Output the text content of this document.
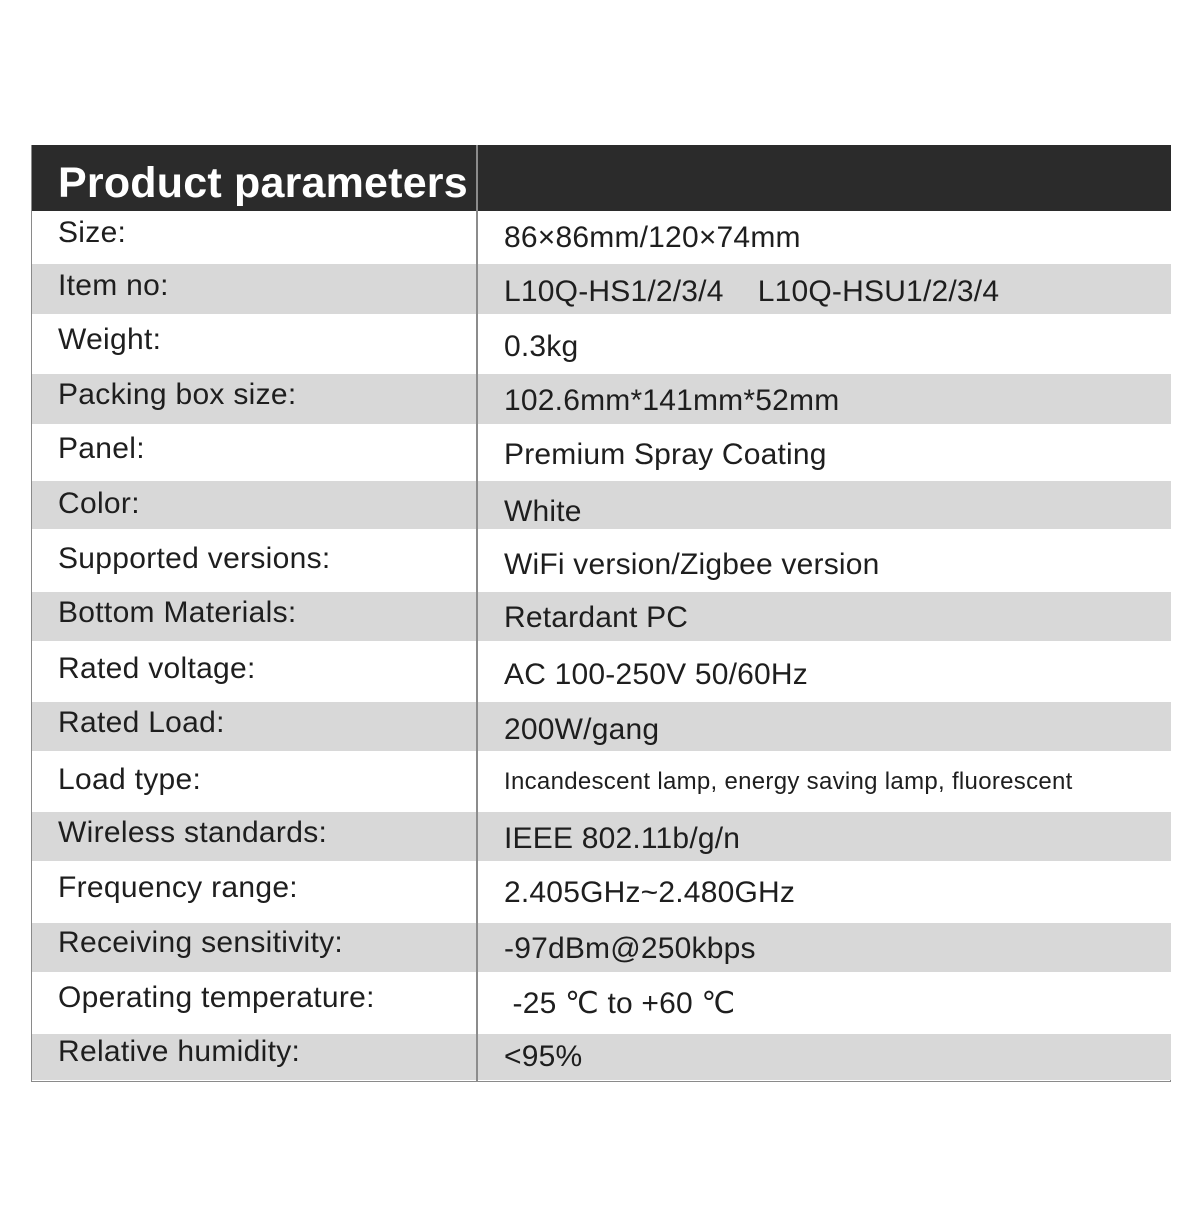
Product parameters
Size:	86×86mm/120×74mm
Item no:	L10Q-HS1/2/3/4    L10Q-HSU1/2/3/4
Weight:	0.3kg
Packing box size:	102.6mm*141mm*52mm
Panel:	Premium Spray Coating
Color:	White
Supported versions:	WiFi version/Zigbee version
Bottom Materials:	Retardant PC
Rated voltage:	AC 100-250V 50/60Hz
Rated Load:	200W/gang
Load type:	Incandescent lamp, energy saving lamp, fluorescent
Wireless standards:	IEEE 802.11b/g/n
Frequency range:	2.405GHz~2.480GHz
Receiving sensitivity:	-97dBm@250kbps
Operating temperature:	-25 ℃ to +60 ℃
Relative humidity:	<95%
